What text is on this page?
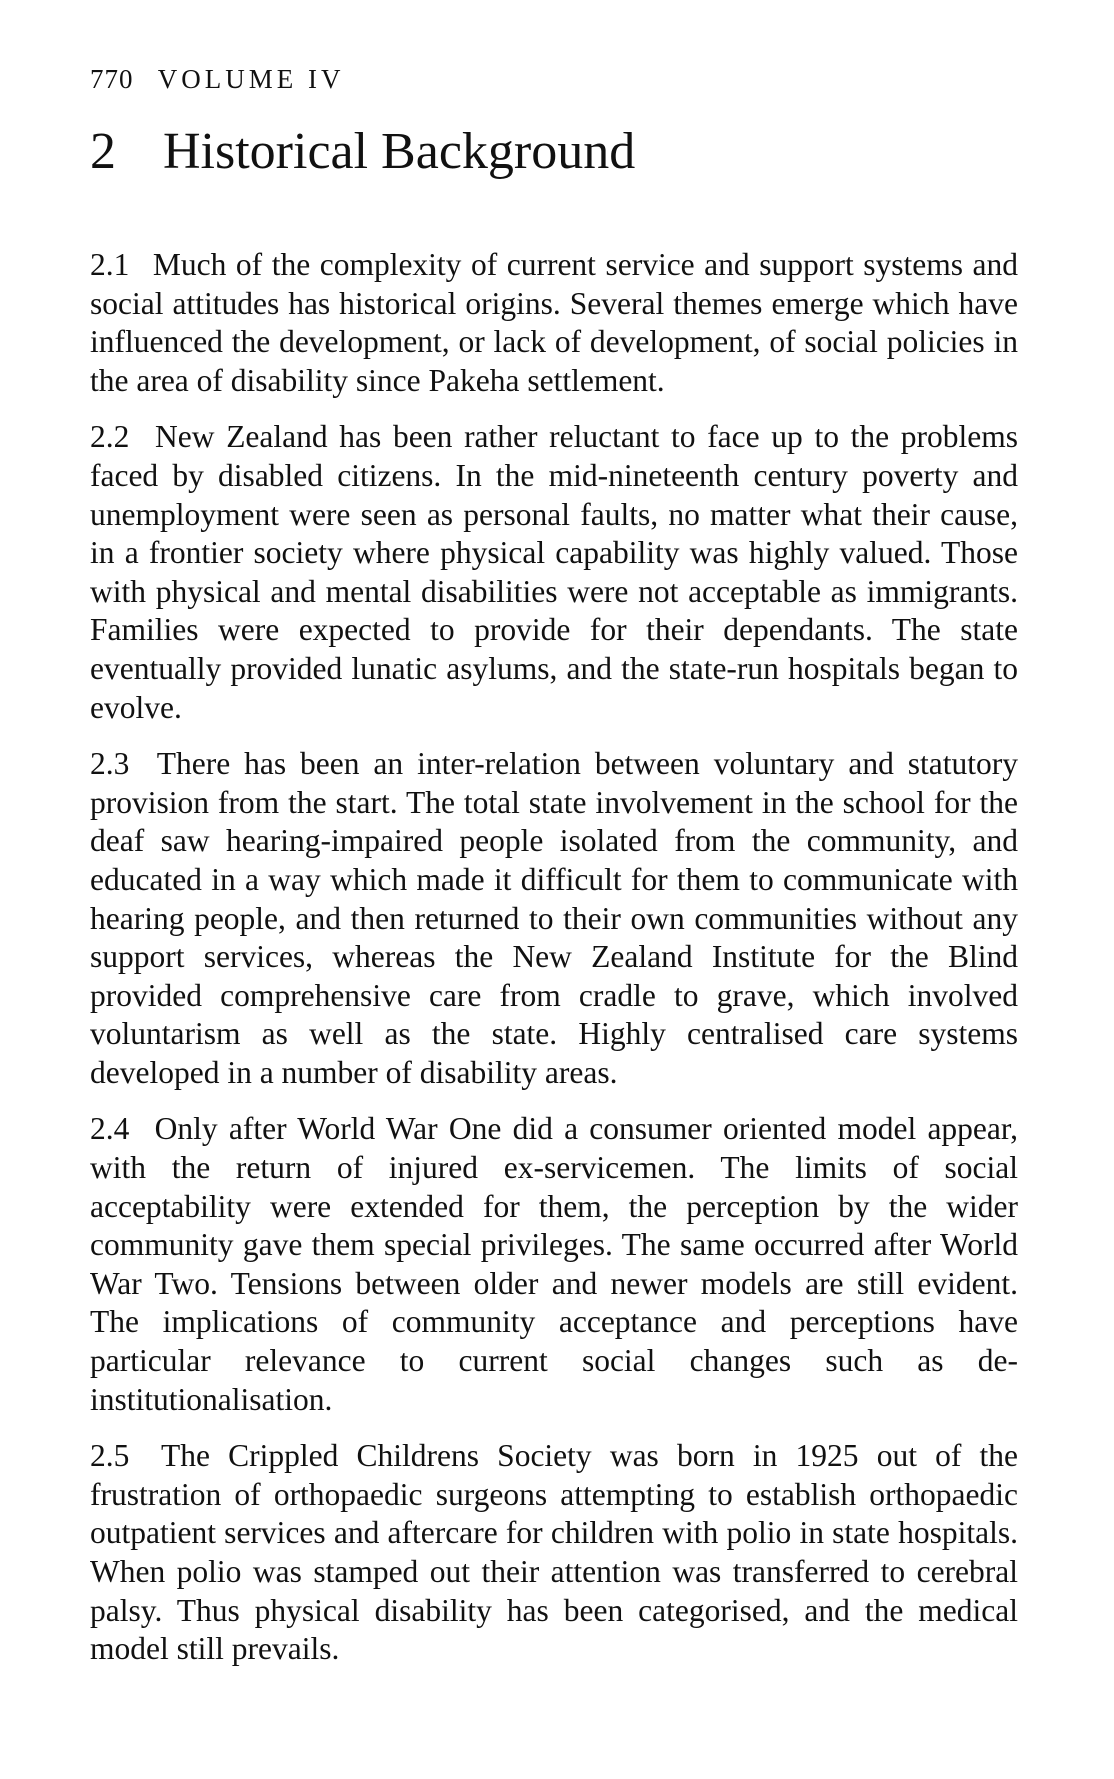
770 VOLUME IV
2 Historical Background

2.1 Much of the complexity of current service and support systems and social attitudes has historical origins. Several themes emerge which have influenced the development, or lack of development, of social policies in the area of disability since Pakeha settlement.

2.2 New Zealand has been rather reluctant to face up to the problems faced by disabled citizens. In the mid-nineteenth century poverty and unemployment were seen as personal faults, no matter what their cause, in a frontier society where physical capability was highly valued. Those with physical and mental disabilities were not acceptable as immigrants. Families were expected to provide for their dependants. The state eventually provided lunatic asylums, and the state-run hospitals began to evolve.

2.3 There has been an inter-relation between voluntary and statutory provision from the start. The total state involvement in the school for the deaf saw hearing-impaired people isolated from the community, and educated in a way which made it difficult for them to communicate with hearing people, and then returned to their own communities without any support services, whereas the New Zealand Institute for the Blind provided comprehensive care from cradle to grave, which involved voluntarism as well as the state. Highly centralised care systems developed in a number of disability areas.

2.4 Only after World War One did a consumer oriented model appear, with the return of injured ex-servicemen. The limits of social acceptability were extended for them, the perception by the wider community gave them special privileges. The same occurred after World War Two. Tensions between older and newer models are still evident. The implications of community acceptance and perceptions have particular relevance to current social changes such as de-institutionalisation.

2.5 The Crippled Childrens Society was born in 1925 out of the frustration of orthopaedic surgeons attempting to establish orthopaedic outpatient services and aftercare for children with polio in state hospitals. When polio was stamped out their attention was transferred to cerebral palsy. Thus physical disability has been categorised, and the medical model still prevails.
